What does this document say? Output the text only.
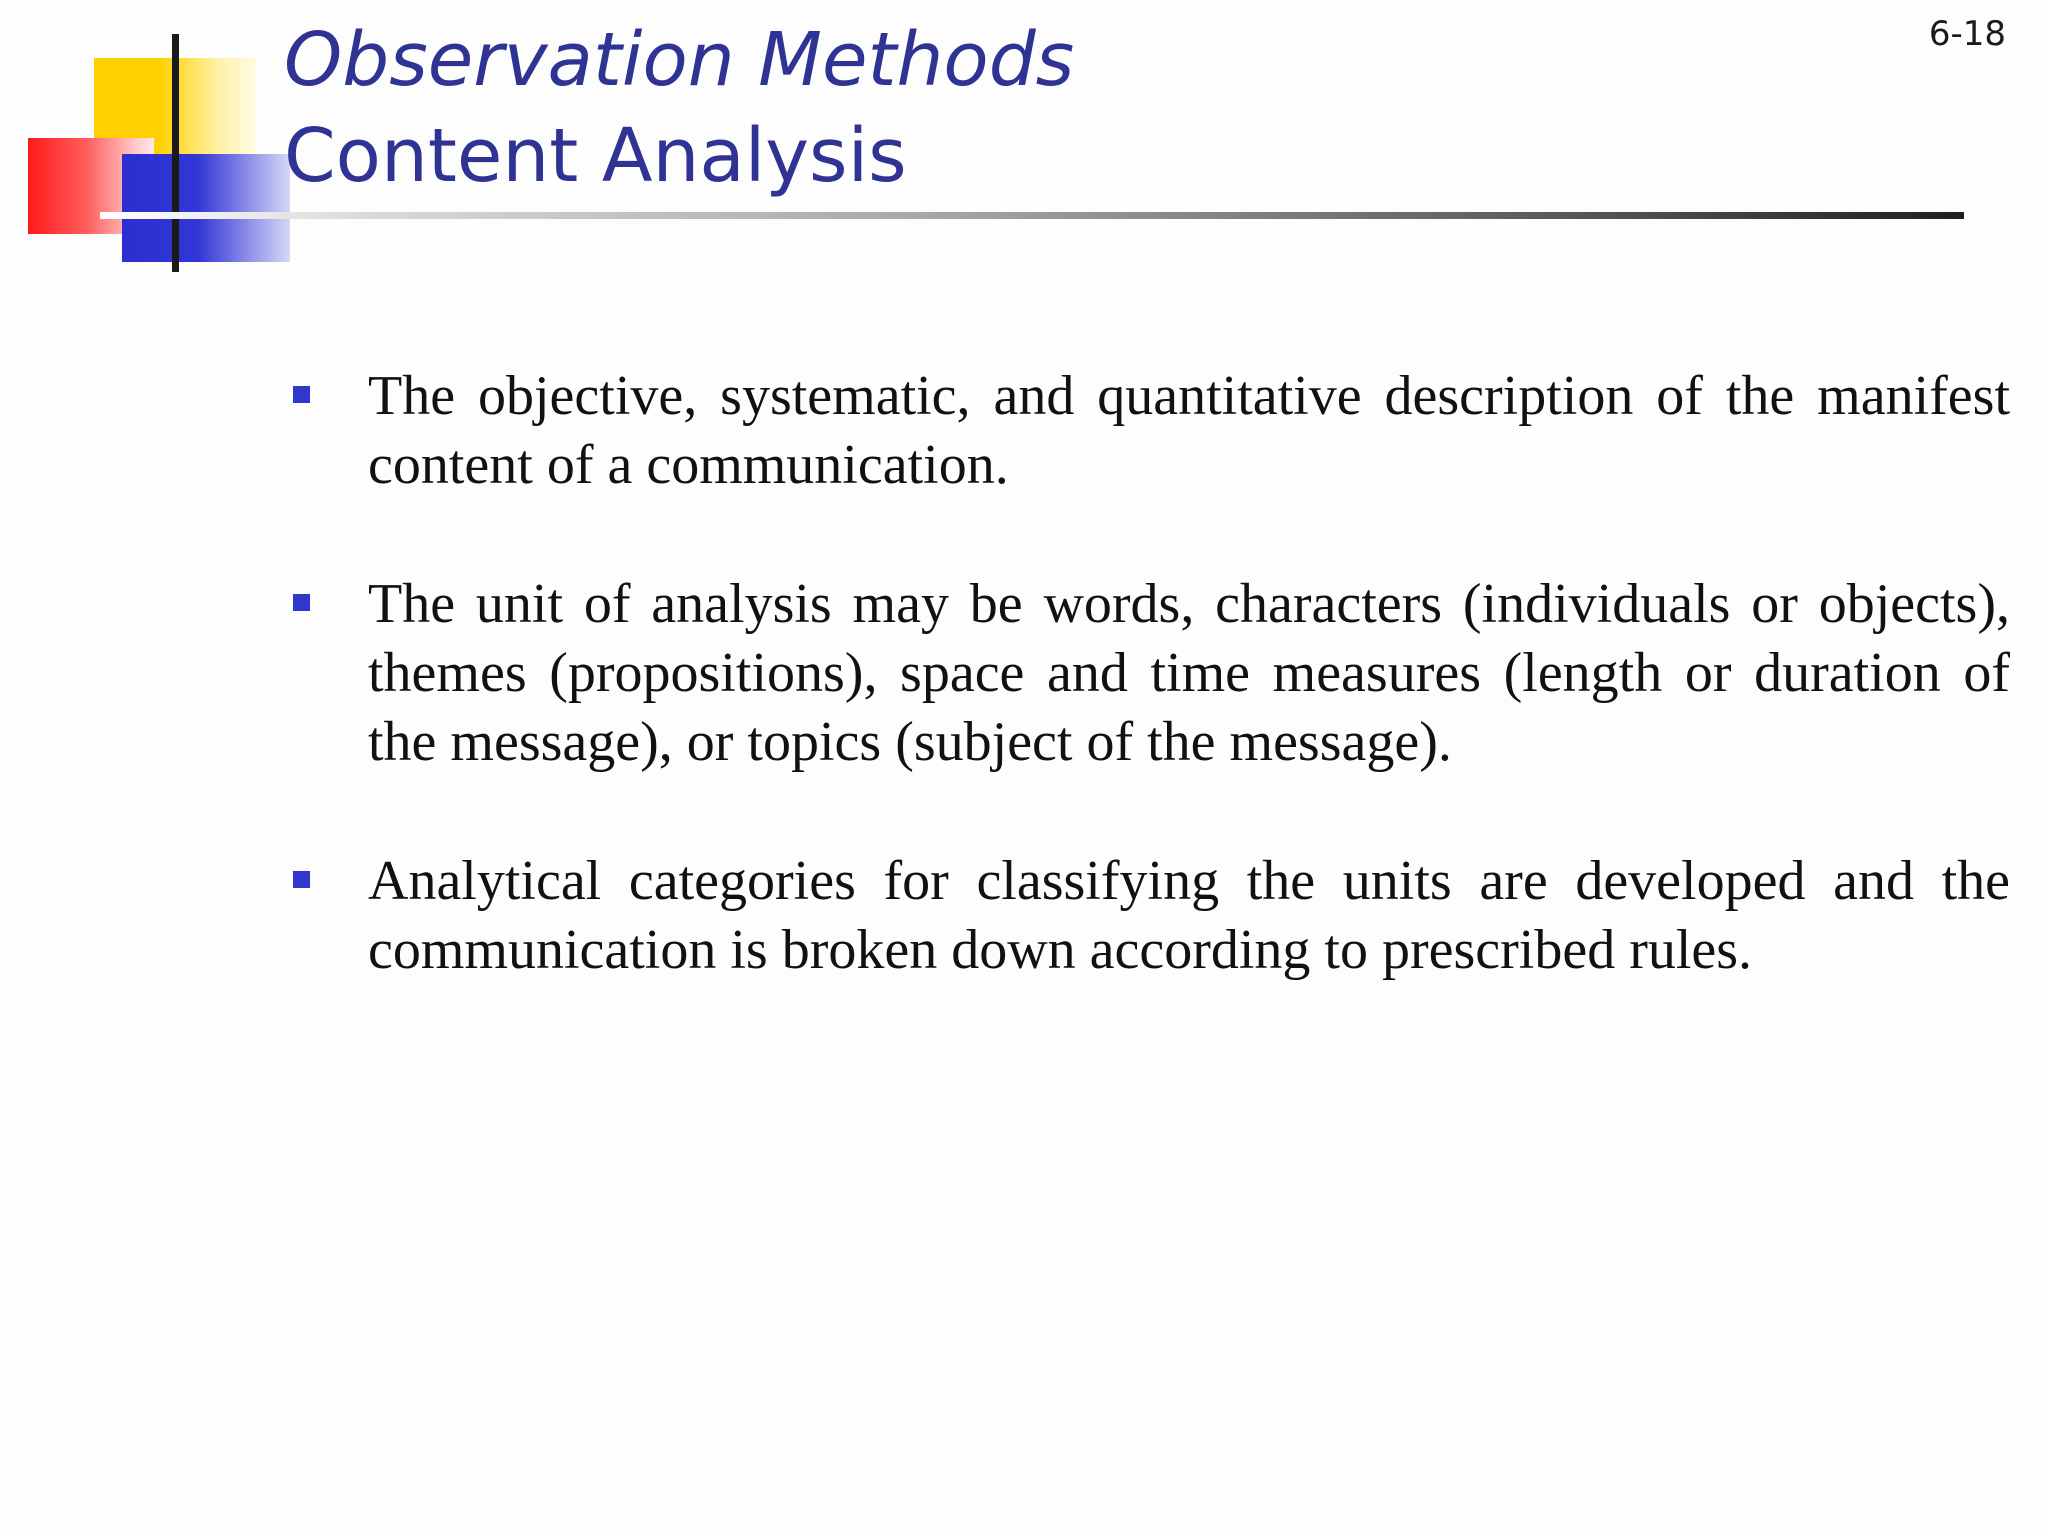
Observation Methods
Content Analysis
6-18
The objective, systematic, and quantitative description of the manifest content of a communication.
The unit of analysis may be words, characters (individuals or objects), themes (propositions), space and time measures (length or duration of the message), or topics (subject of the message).
Analytical categories for classifying the units are developed and the communication is broken down according to prescribed rules.
